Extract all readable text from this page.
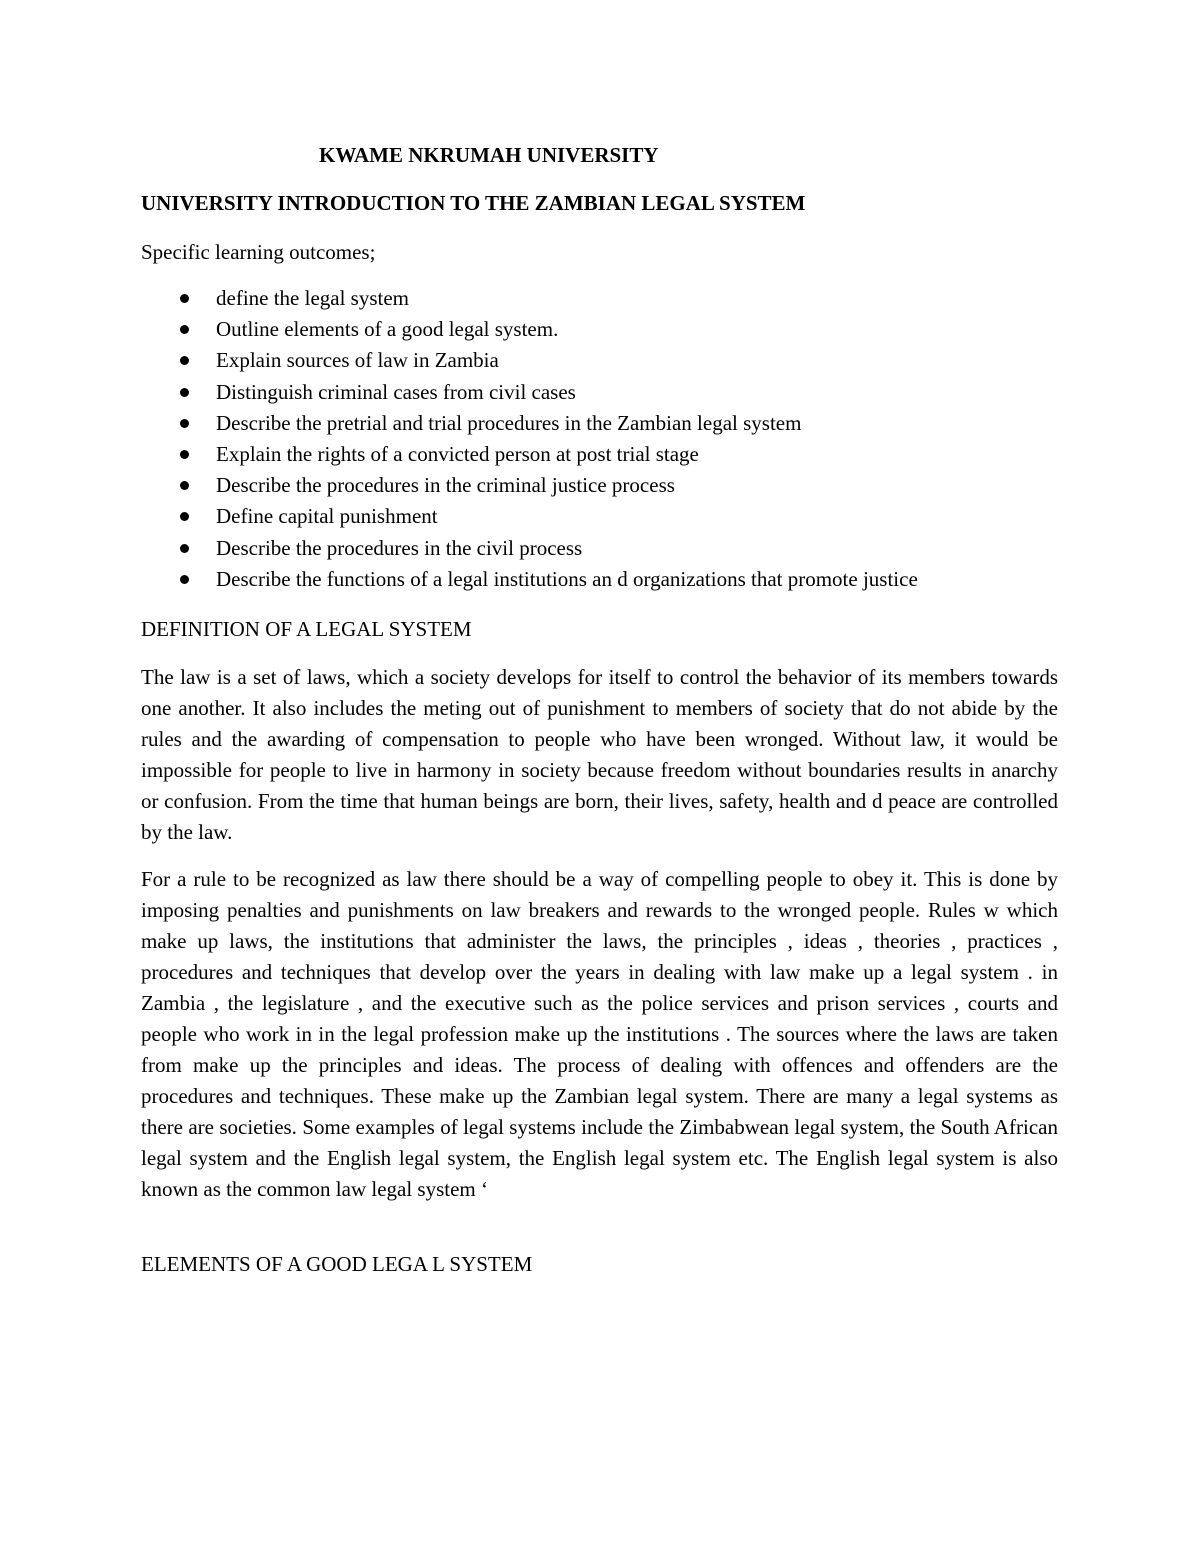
KWAME NKRUMAH UNIVERSITY
UNIVERSITY INTRODUCTION TO THE ZAMBIAN LEGAL SYSTEM
Specific learning outcomes;
define the legal system
Outline elements of a good legal system.
Explain sources of law in Zambia
Distinguish criminal cases from civil cases
Describe the pretrial and trial procedures in the Zambian legal system
Explain the rights of a convicted person at post trial stage
Describe the procedures in the criminal justice process
Define capital punishment
Describe the procedures in the civil process
Describe the functions of a legal institutions an d organizations that promote justice
DEFINITION OF A LEGAL SYSTEM

The law is a set of laws, which a society develops for itself to control the behavior of its members towards one another. It also includes the meting out of punishment to members of society that do not abide by the rules and the awarding of compensation to people who have been wronged. Without law, it would be impossible for people to live in harmony in society because freedom without boundaries results in anarchy or confusion. From the time that human beings are born, their lives, safety, health and d peace are controlled by the law.

For a rule to be recognized as law there should be a way of compelling people to obey it. This is done by imposing penalties and punishments on law breakers and rewards to the wronged people. Rules w which make up laws, the institutions that administer the laws, the principles , ideas , theories , practices , procedures and techniques that develop over the years in dealing with law make up a legal system . in Zambia , the legislature , and the executive such as the police services and prison services , courts and people who work in in the legal profession make up the institutions . The sources where the laws are taken from make up the principles and ideas. The process of dealing with offences and offenders are the procedures and techniques. These make up the Zambian legal system. There are many a legal systems as there are societies. Some examples of legal systems include the Zimbabwean legal system, the South African legal system and the English legal system, the English legal system etc. The English legal system is also known as the common law legal system ‘

ELEMENTS OF A GOOD LEGA L SYSTEM
